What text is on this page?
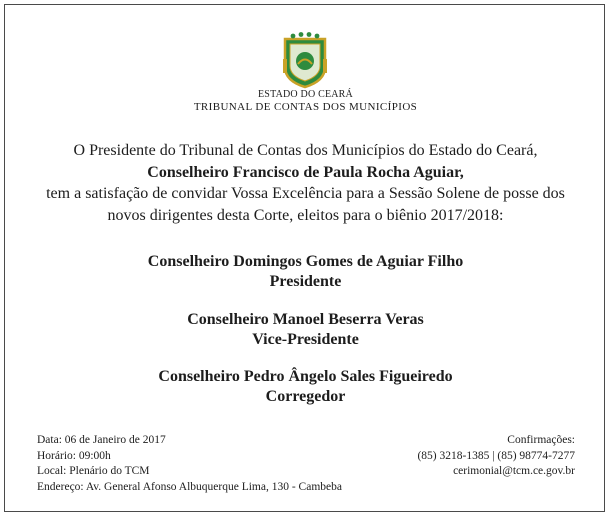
ESTADO DO CEARÁ
TRIBUNAL DE CONTAS DOS MUNICÍPIOS
O Presidente do Tribunal de Contas dos Municípios do Estado do Ceará,
Conselheiro Francisco de Paula Rocha Aguiar,
tem a satisfação de convidar Vossa Excelência para a Sessão Solene de posse dos
novos dirigentes desta Corte, eleitos para o biênio 2017/2018:
Conselheiro Domingos Gomes de Aguiar Filho
Presidente
Conselheiro Manoel Beserra Veras
Vice-Presidente
Conselheiro Pedro Ângelo Sales Figueiredo
Corregedor
Data: 06 de Janeiro de 2017
Horário: 09:00h
Local: Plenário do TCM
Endereço: Av. General Afonso Albuquerque Lima, 130 - Cambeba
Confirmações:
(85) 3218-1385 | (85) 98774-7277
cerimonial@tcm.ce.gov.br
